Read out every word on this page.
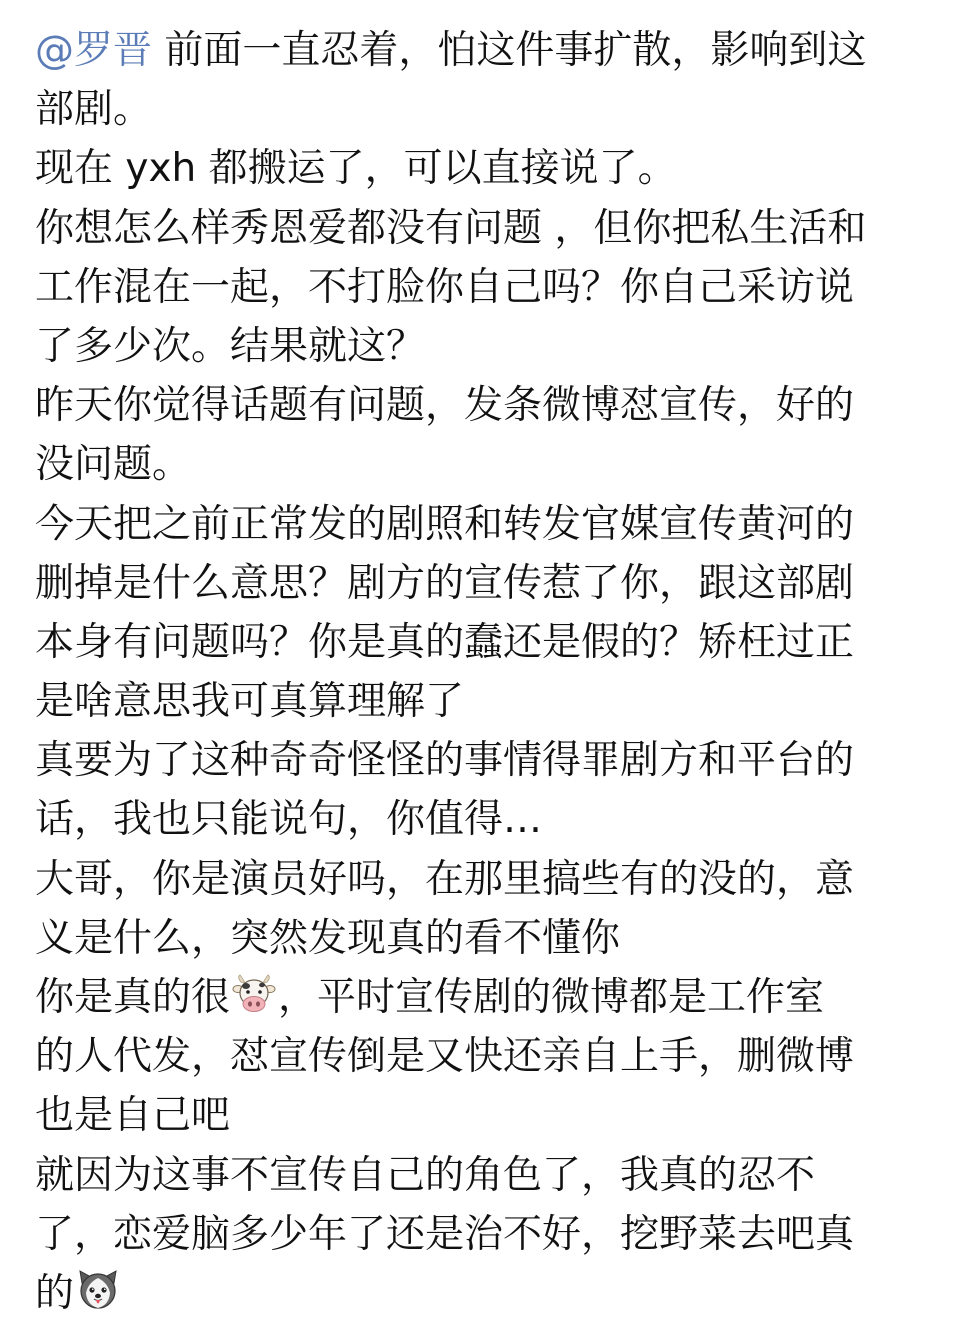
@罗晋 前面一直忍着，怕这件事扩散，影响到这
部剧。
现在 yxh 都搬运了，可以直接说了。
你想怎么样秀恩爱都没有问题 ，但你把私生活和
工作混在一起，不打脸你自己吗？你自己采访说
了多少次。结果就这？
昨天你觉得话题有问题，发条微博怼宣传，好的
没问题。
今天把之前正常发的剧照和转发官媒宣传黄河的
删掉是什么意思？剧方的宣传惹了你，跟这部剧
本身有问题吗？你是真的蠢还是假的？矫枉过正
是啥意思我可真算理解了
真要为了这种奇奇怪怪的事情得罪剧方和平台的
话，我也只能说句，你值得…
大哥，你是演员好吗，在那里搞些有的没的，意
义是什么，突然发现真的看不懂你
你是真的很 ，平时宣传剧的微博都是工作室
的人代发，怼宣传倒是又快还亲自上手，删微博
也是自己吧
就因为这事不宣传自己的角色了，我真的忍不
了，恋爱脑多少年了还是治不好，挖野菜去吧真
的
